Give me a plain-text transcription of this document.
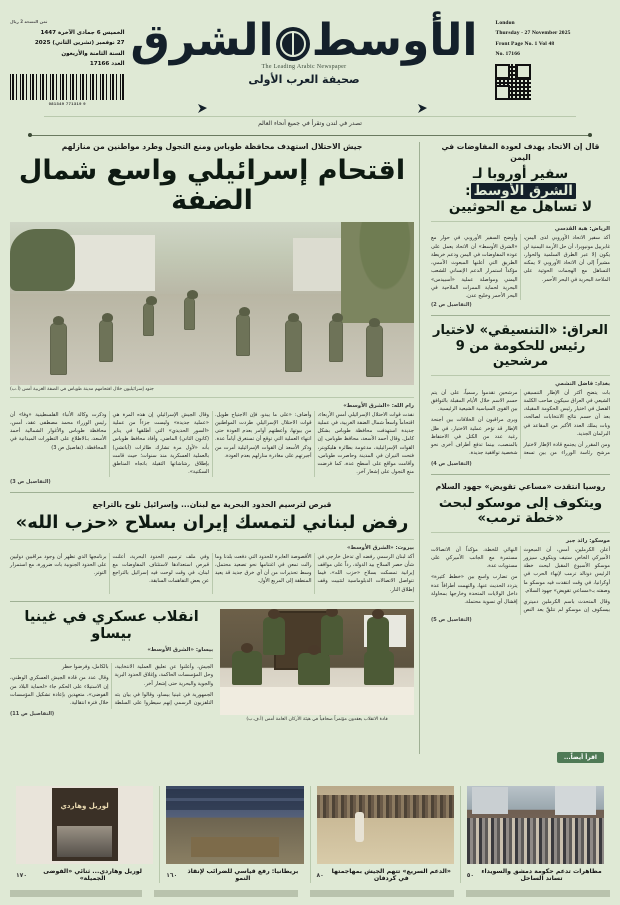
London
Thursday - 27 November 2025
Front Page No. 1 Vol 48
No. 17166
الأوسطالشرق
The Leading Arabic Newspaper
صحيفة العرب الأولى
ثمن النسخة 2 ريال
الخميس 6 جمادى الآخرة 1447
27 نوفمبر (تشرين الثاني) 2025
السنة الثامنة والأربعون
العدد 17166
9 771319 081349
تصدر في لندن وتقرأ في جميع أنحاء العالم
قال إن الاتحاد يهدف لعودة المفاوضات في اليمن
سفير أوروبا لـالشرق الأوسط:
لا تساهل مع الحوثيين
الرياض: هبة القدسي

أكد سفير الاتحاد الأوروبي لدى اليمن، غابرييل مونيويرا، أن حل الأزمة اليمنية لن يكون إلا عبر الطرق السلمية والحوار، مشيراً إلى أن الاتحاد الأوروبي لا يمكنه التساهل مع الهجمات الحوثية على الملاحة البحرية في البحر الأحمر.

وأوضح السفير الأوروبي في حوار مع «الشرق الأوسط» أن الاتحاد يعمل على عودة المفاوضات في اليمن ودعم خريطة الطريق التي أعلنها المبعوث الأممي، مؤكداً استمرار الدعم الإنساني للشعب اليمني ومواصلة عملية «أسبيدس» البحرية لحماية الممرات الملاحية في البحر الأحمر وخليج عدن.

(التفاصيل ص 2)
العراق: «التنسيقي» لاختيار
رئيس للحكومة من 9 مرشحين
بغداد: فاضل النشمي

بات يتضح أكثر أن الإطار التنسيقي الشيعي في العراق سيكون صاحب الكلمة الفصل في اختيار رئيس الحكومة المقبلة، بعد أن حسم نتائج الانتخابات لصالحه، وبات يملك العدد الأكبر من المقاعد في البرلمان الجديد.

ومن المقرر أن يجتمع قادة الإطار لاختيار مرشح رئاسة الوزراء من بين تسعة مرشحين تقدموا رسمياً، على أن يتم حسم الاسم خلال الأيام المقبلة بالتوافق بين القوى السياسية الشيعية الرئيسية.

ويرى مراقبون أن الخلافات بين أجنحة الإطار قد تؤخر عملية الاختيار، في ظل رغبة عدد من الكتل في الاحتفاظ بالمنصب، بينما تدفع أطراف أخرى نحو شخصية توافقية جديدة.

(التفاصيل ص 4)
روسيا انتقدت «مساعي تقويض» جهود السلام
ويتكوف إلى موسكو لبحث «خطة ترمب»
موسكو: رائد جبر

أعلن الكرملين، أمس، أن المبعوث الأميركي الخاص ستيف ويتكوف سيزور موسكو الأسبوع المقبل لبحث خطة الرئيس دونالد ترمب لإنهاء الحرب في أوكرانيا، في وقت انتقدت فيه موسكو ما وصفته بـ«مساعي تقويض» جهود السلام.

وقال المتحدث باسم الكرملين دميتري بيسكوف إن موسكو لم تتلقَّ بعد النص النهائي للخطة، مؤكداً أن الاتصالات مستمرة مع الجانب الأميركي على مستويات عدة.

من تضارب واسع بين «خطط كثيرة» يتردد الحديث عنها، والتهمت أطرافاً عدة داخل الولايات المتحدة وخارجها بمحاولة إفشال أي تسوية محتملة.

(التفاصيل ص 5)
جيش الاحتلال استهدف محافظة طوباس ومنع التجول وطرد مواطنين من منازلهم
اقتحام إسرائيلي واسع شمال الضفة
جنود إسرائيليون خلال اقتحامهم مدينة طوباس في الضفة الغربية أمس (أ.ب)
رام الله: «الشرق الأوسط»

نفذت قوات الاحتلال الإسرائيلي أمس الأربعاء، اقتحاماً واسعاً شمال الضفة الغربية، في عملية جديدة استهدفت محافظة طوباس بشكل كامل. وقال أحمد الأسعد، محافظ طوباس، إن القوات الإسرائيلية، مدعومة بطائرة هليكوبتر، فتحت النيران في المدينة وحاصرت طوباس، وأقامت مواقع على أسطح عدة، كما فرضت منع التجول على إشعار آخر.

وأضاف: «على ما يبدو، فإن الاجتياح طويل. قوات الاحتلال الإسرائيلي طردت المواطنين من بيوتها، وأعطتهم أوامر بعدم العودة حتى انتهاء العملية التي توقع أن تستغرق أياماً عدة. وذكر الأسعد أن القوات الإسرائيلية أمرت من أجبرتهم على مغادرة منازلهم بعدم العودة.

وقال الجيش الإسرائيلي إن هذه المرة هي «عملية جديدة» وليست جزءاً من عملية «السور الحديدي» التي أطلقها في يناير (كانون الثاني) الماضي. وأفاد محافظ طوباس بأنه «لأول مرة تشارك طائرات (أباتشي) بالعملية العسكرية منذ سنوات؛ حيث قامت بإطلاق رشاشاتها الثقيلة باتجاه المناطق السكنية».

وذكرت وكالة الأنباء الفلسطينية «وفا» أن رئيس الوزراء محمد مصطفى عقد، أمس، محافظة طوباس والأغوار الشمالية أحمد الأسعد، بـالاطلاع على التطورات الميدانية في المحافظة. (تفاصيل ص 3)

(التفاصيل ص 3)
قبرص لترسيم الحدود البحرية مع لبنان... وإسرائيل تلوح بالتراجع
رفض لبناني لتمسك إيران بسلاح «حزب الله»
بيروت: «الشرق الأوسط»

أكد لبنان الرسمي رفضه أي تدخل خارجي في شأن حصر السلاح بيد الدولة، رداً على مواقف إيرانية تمسكت بسلاح «حزب الله»، فيما تتواصل الاتصالات الدبلوماسية لتثبيت وقف إطلاق النار.

الأقصوصة العابرة للحدود التي دفعت بلدنا وما زالت تمعن في اغتنامها نحو تصعيد محتمل، وسط تحذيرات من أن أي خرق جديد قد يعيد المنطقة إلى المربع الأول.

وفي ملف ترسيم الحدود البحرية، أعلنت قبرص استعدادها لاستئناف المفاوضات مع لبنان، في وقت لوحت فيه إسرائيل بالتراجع عن بعض التفاهمات السابقة.

برنامجها الذي تظهر أن وجود مراقبين دوليين على الحدود الجنوبية بات ضرورة، مع استمرار التوتر.

قادة الانقلاب يعقدون مؤتمراً صحافياً في هيئة الأركان العامة أمس (أ.ف.ب)
انقلاب عسكري في غينيا بيساو
بيساو: «الشرق الأوسط»

الجيش، وأعلنوا عن تعليق العملية الانتخابية، وحل المؤسسات الحاكمة، وإغلاق الحدود البرية والجوية والبحرية حتى إشعار آخر.

الجمهورية في غينيا بيساو، وقالوا في بيان بثه التلفزيون الرسمي إنهم سيطروا على السلطة بالكامل، وفرضوا حظر

وقال عدد من قادة الجيش العسكري الوطني، إن الاستيلاء على الحكم جاء «لحماية البلاد من الفوضى»، متعهدين بإعادة تشكيل المؤسسات خلال فترة انتقالية.

(التفاصيل ص 11)
اقرأ أيضاً...
مظاهرات تدعم حكومة دمشق والسويداء تساند الساحل
٥٠
«الدعم السريع» تتهم الجيش بمهاجمتها في كردفان
٨٠
بريطانيا: رفع قياسي للضرائب لإنقاذ النمو
١٦٠
لوريل وهاردي
لوريل وهاردي... ثنائي «الفوضى الجميلة»
١٧٠
